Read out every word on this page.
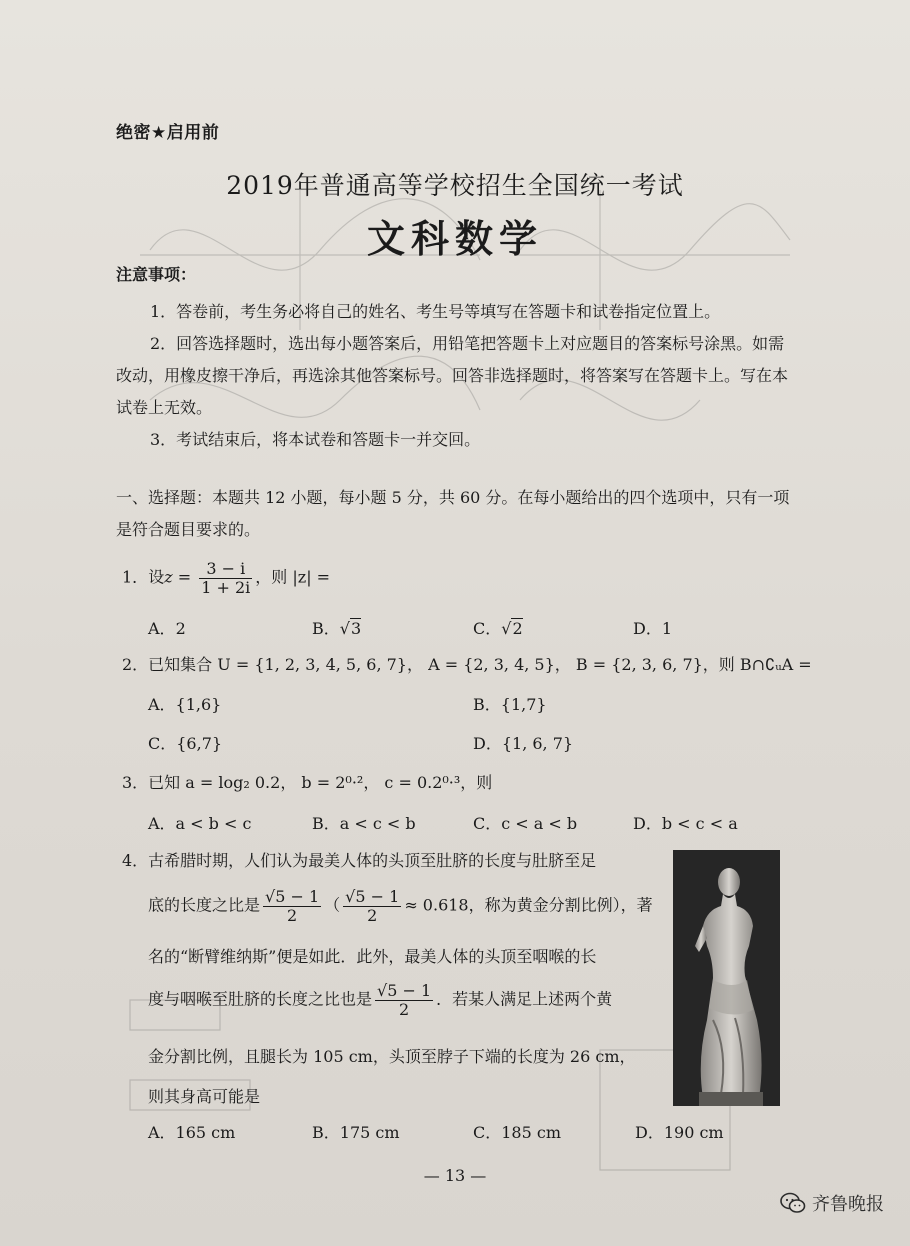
绝密★启用前
2019年普通高等学校招生全国统一考试
文科数学
注意事项：
1．答卷前，考生务必将自己的姓名、考生号等填写在答题卡和试卷指定位置上。
2．回答选择题时，选出每小题答案后，用铅笔把答题卡上对应题目的答案标号涂黑。如需改动，用橡皮擦干净后，再选涂其他答案标号。回答非选择题时，将答案写在答题卡上。写在本试卷上无效。
3．考试结束后，将本试卷和答题卡一并交回。
一、选择题：本题共 12 小题，每小题 5 分，共 60 分。在每小题给出的四个选项中，只有一项是符合题目要求的。
1．设$z = \frac{3 - i}{1 + 2i}$ ，则 |z| =
A．2	B．√3	C．√2	D．1
2．已知集合 U = {1, 2, 3, 4, 5, 6, 7}， A = {2, 3, 4, 5}， B = {2, 3, 6, 7}，则 B∩∁ᵤA =
A．{1,6}	B．{1,7}
C．{6,7}	D．{1, 6, 7}
3．已知 a = log₂ 0.2， b = 2⁰·²， c = 0.2⁰·³，则
A．a < b < c	B．a < c < b	C．c < a < b	D．b < c < a
4．古希腊时期，人们认为最美人体的头顶至肚脐的长度与肚脐至足
底的长度之比是 $\frac{√5 - 1}{2}$ （ $\frac{√5 - 1}{2} \approx 0.618$，称为黄金分割比例），著
名的“断臂维纳斯”便是如此．此外，最美人体的头顶至咽喉的长
度与咽喉至肚脐的长度之比也是 $\frac{√5 - 1}{2}$ ．若某人满足上述两个黄
金分割比例，且腿长为 105 cm，头顶至脖子下端的长度为 26 cm，
则其身高可能是
A．165 cm	B．175 cm	C．185 cm	D．190 cm
— 13 —
齐鲁晚报
